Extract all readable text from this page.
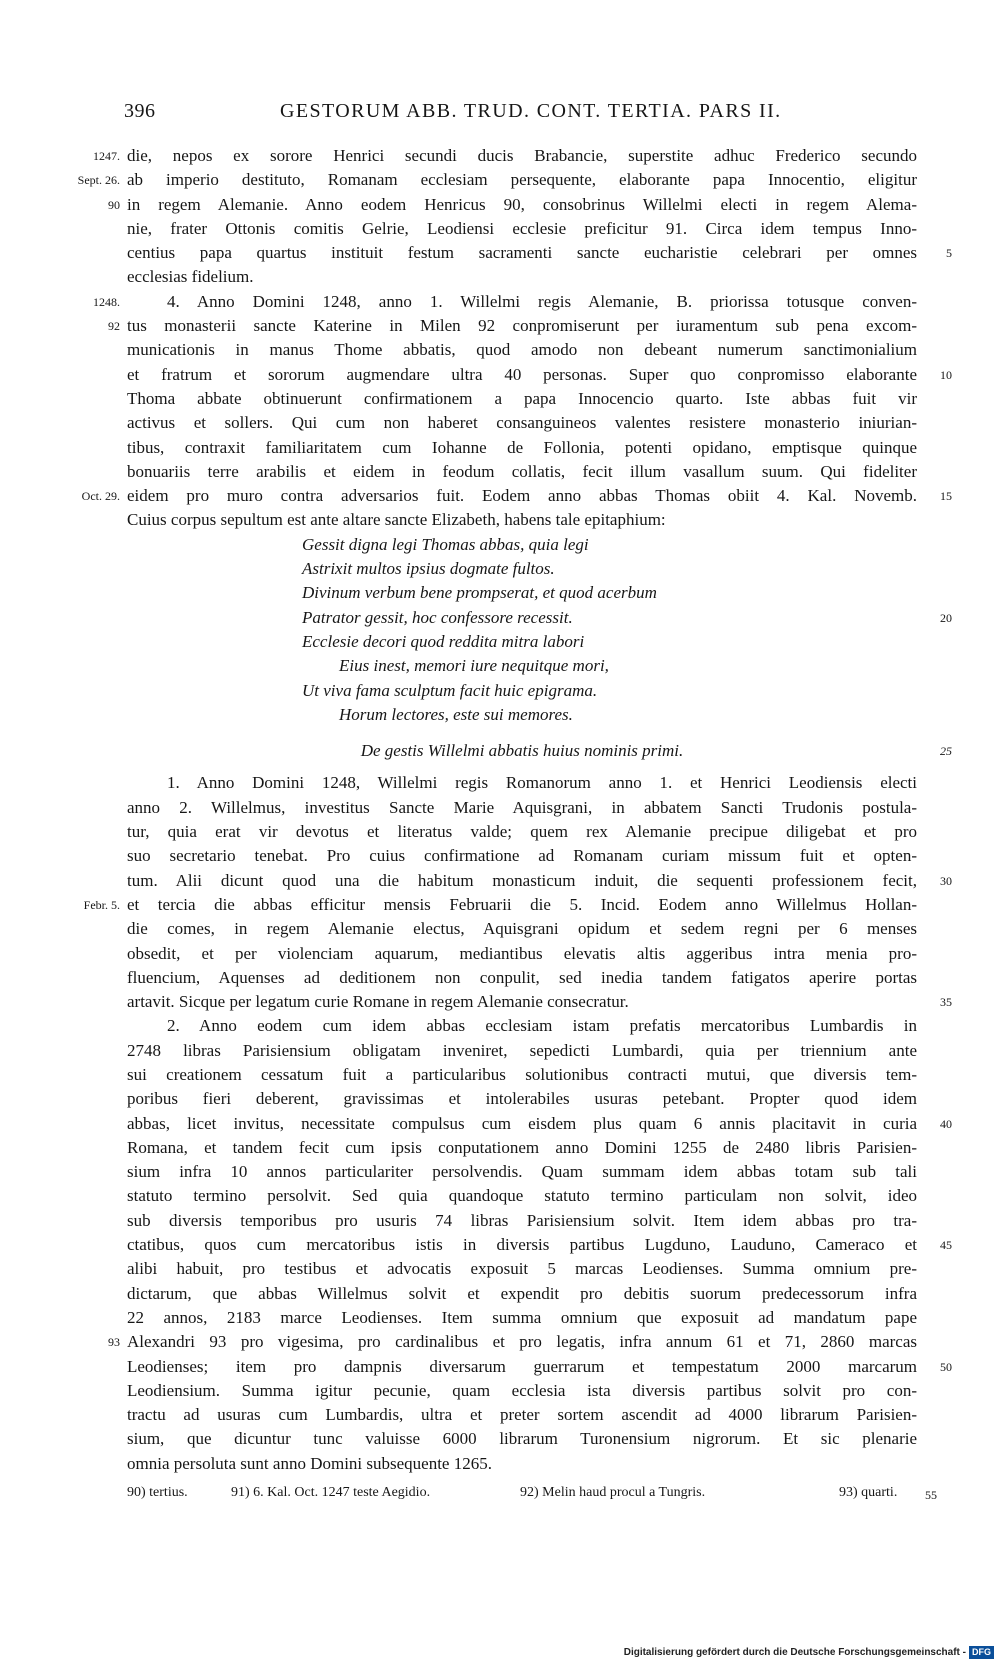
396	GESTORUM ABB. TRUD. CONT. TERTIA. PARS II.
die, nepos ex sorore Henrici secundi ducis Brabancie, superstite adhuc Frederico secundo
1247.
ab imperio destituto, Romanam ecclesiam persequente, elaborante papa Innocentio, eligitur
Sept. 26.
in regem Alemanie. Anno eodem Henricus 90, consobrinus Willelmi electi in regem Alema-
90
nie, frater Ottonis comitis Gelrie, Leodiensi ecclesie preficitur 91. Circa idem tempus Inno-
centius papa quartus instituit festum sacramenti sancte eucharistie celebrari per omnes	5
ecclesias fidelium.
4. Anno Domini 1248, anno 1. Willelmi regis Alemanie, B. priorissa totusque conven-
1248.
tus monasterii sancte Katerine in Milen 92 conpromiserunt per iuramentum sub pena excom-
92
municationis in manus Thome abbatis, quod amodo non debeant numerum sanctimonialium
et fratrum et sororum augmendare ultra 40 personas. Super quo conpromisso elaborante	10
Thoma abbate obtinuerunt confirmationem a papa Innocencio quarto. Iste abbas fuit vir
activus et sollers. Qui cum non haberet consanguineos valentes resistere monasterio iniurian-
tibus, contraxit familiaritatem cum Iohanne de Follonia, potenti opidano, emptisque quinque
bonuariis terre arabilis et eidem in feodum collatis, fecit illum vasallum suum. Qui fideliter
eidem pro muro contra adversarios fuit. Eodem anno abbas Thomas obiit 4. Kal. Novemb.
Oct. 29.	15
Cuius corpus sepultum est ante altare sancte Elizabeth, habens tale epitaphium:
Gessit digna legi Thomas abbas, quia legi
Astrixit multos ipsius dogmate fultos.
Divinum verbum bene prompserat, et quod acerbum
Patrator gessit, hoc confessore recessit.	20
Ecclesie decori quod reddita mitra labori
Eius inest, memori iure nequitque mori,
Ut viva fama sculptum facit huic epigrama.
Horum lectores, este sui memores.
De gestis Willelmi abbatis huius nominis primi.	25
1. Anno Domini 1248, Willelmi regis Romanorum anno 1. et Henrici Leodiensis electi
anno 2. Willelmus, investitus Sancte Marie Aquisgrani, in abbatem Sancti Trudonis postula-
tur, quia erat vir devotus et literatus valde; quem rex Alemanie precipue diligebat et pro
suo secretario tenebat. Pro cuius confirmatione ad Romanam curiam missum fuit et opten-
tum. Alii dicunt quod una die habitum monasticum induit, die sequenti professionem fecit,	30
et tercia die abbas efficitur mensis Februarii die 5. Incid. Eodem anno Willelmus Hollan-
Febr. 5.
die comes, in regem Alemanie electus, Aquisgrani opidum et sedem regni per 6 menses
obsedit, et per violenciam aquarum, mediantibus elevatis altis aggeribus intra menia pro-
fluencium, Aquenses ad deditionem non conpulit, sed inedia tandem fatigatos aperire portas
artavit. Sicque per legatum curie Romane in regem Alemanie consecratur.	35
2. Anno eodem cum idem abbas ecclesiam istam prefatis mercatoribus Lumbardis in
2748 libras Parisiensium obligatam inveniret, sepedicti Lumbardi, quia per triennium ante
sui creationem cessatum fuit a particularibus solutionibus contracti mutui, que diversis tem-
poribus fieri deberent, gravissimas et intolerabiles usuras petebant. Propter quod idem
abbas, licet invitus, necessitate compulsus cum eisdem plus quam 6 annis placitavit in curia	40
Romana, et tandem fecit cum ipsis conputationem anno Domini 1255 de 2480 libris Parisien-
sium infra 10 annos particulariter persolvendis. Quam summam idem abbas totam sub tali
statuto termino persolvit. Sed quia quandoque statuto termino particulam non solvit, ideo
sub diversis temporibus pro usuris 74 libras Parisiensium solvit. Item idem abbas pro tra-
ctatibus, quos cum mercatoribus istis in diversis partibus Lugduno, Lauduno, Cameraco et	45
alibi habuit, pro testibus et advocatis exposuit 5 marcas Leodienses. Summa omnium pre-
dictarum, que abbas Willelmus solvit et expendit pro debitis suorum predecessorum infra
22 annos, 2183 marce Leodienses. Item summa omnium que exposuit ad mandatum pape
Alexandri 93 pro vigesima, pro cardinalibus et pro legatis, infra annum 61 et 71, 2860 marcas
93
Leodienses; item pro dampnis diversarum guerrarum et tempestatum 2000 marcarum	50
Leodiensium. Summa igitur pecunie, quam ecclesia ista diversis partibus solvit pro con-
tractu ad usuras cum Lumbardis, ultra et preter sortem ascendit ad 4000 librarum Parisien-
sium, que dicuntur tunc valuisse 6000 librarum Turonensium nigrorum. Et sic plenarie
omnia persoluta sunt anno Domini subsequente 1265.
90) tertius.	91) 6. Kal. Oct. 1247 teste Aegidio.	92) Melin haud procul a Tungris.	93) quarti. 55
Digitalisierung gefördert durch die Deutsche Forschungsgemeinschaft - DFG
